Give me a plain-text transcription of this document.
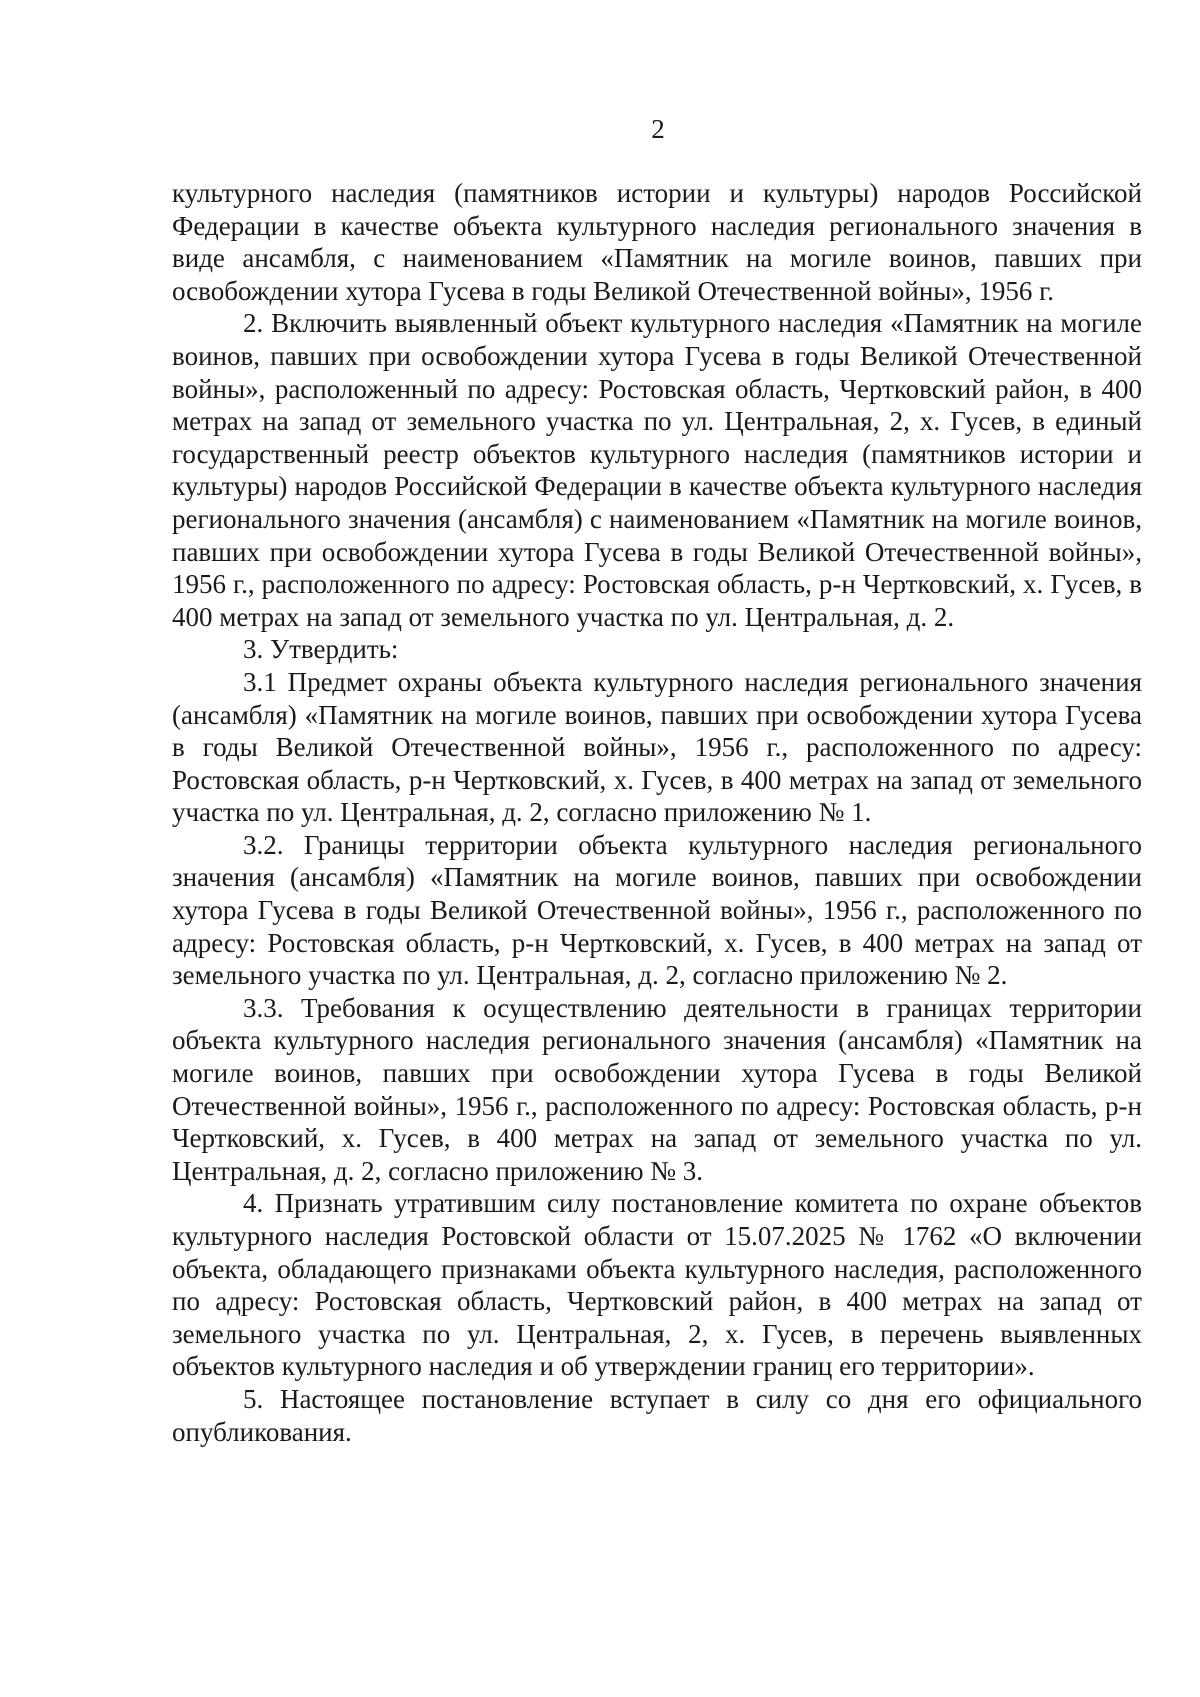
2

культурного наследия (памятников истории и культуры) народов Российской Федерации в качестве объекта культурного наследия регионального значения в виде ансамбля, с наименованием «Памятник на могиле воинов, павших при освобождении хутора Гусева в годы Великой Отечественной войны», 1956 г.

2. Включить выявленный объект культурного наследия «Памятник на могиле воинов, павших при освобождении хутора Гусева в годы Великой Отечественной войны», расположенный по адресу: Ростовская область, Чертковский район, в 400 метрах на запад от земельного участка по ул. Центральная, 2, х. Гусев, в единый государственный реестр объектов культурного наследия (памятников истории и культуры) народов Российской Федерации в качестве объекта культурного наследия регионального значения (ансамбля) с наименованием «Памятник на могиле воинов, павших при освобождении хутора Гусева в годы Великой Отечественной войны», 1956 г., расположенного по адресу: Ростовская область, р-н Чертковский, х. Гусев, в 400 метрах на запад от земельного участка по ул. Центральная, д. 2.

3. Утвердить:

3.1 Предмет охраны объекта культурного наследия регионального значения (ансамбля) «Памятник на могиле воинов, павших при освобождении хутора Гусева в годы Великой Отечественной войны», 1956 г., расположенного по адресу: Ростовская область, р-н Чертковский, х. Гусев, в 400 метрах на запад от земельного участка по ул. Центральная, д. 2, согласно приложению № 1.

3.2. Границы территории объекта культурного наследия регионального значения (ансамбля) «Памятник на могиле воинов, павших при освобождении хутора Гусева в годы Великой Отечественной войны», 1956 г., расположенного по адресу: Ростовская область, р-н Чертковский, х. Гусев, в 400 метрах на запад от земельного участка по ул. Центральная, д. 2, согласно приложению № 2.

3.3. Требования к осуществлению деятельности в границах территории объекта культурного наследия регионального значения (ансамбля) «Памятник на могиле воинов, павших при освобождении хутора Гусева в годы Великой Отечественной войны», 1956 г., расположенного по адресу: Ростовская область, р-н Чертковский, х. Гусев, в 400 метрах на запад от земельного участка по ул. Центральная, д. 2, согласно приложению № 3.

4. Признать утратившим силу постановление комитета по охране объектов культурного наследия Ростовской области от 15.07.2025 № 1762 «О включении объекта, обладающего признаками объекта культурного наследия, расположенного по адресу: Ростовская область, Чертковский район, в 400 метрах на запад от земельного участка по ул. Центральная, 2, х. Гусев, в перечень выявленных объектов культурного наследия и об утверждении границ его территории».

5. Настоящее постановление вступает в силу со дня его официального опубликования.
